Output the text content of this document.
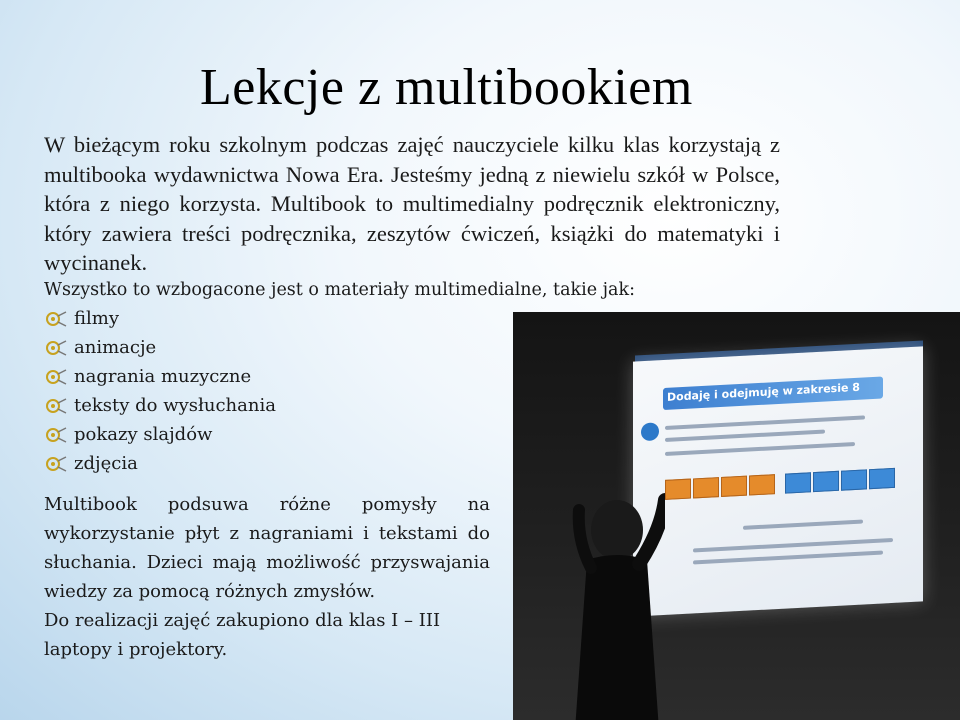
Lekcje z multibookiem
W bieżącym roku szkolnym podczas zajęć nauczyciele kilku klas korzystają z multibooka wydawnictwa Nowa Era. Jesteśmy jedną z niewielu szkół w Polsce, która z niego korzysta. Multibook to multimedialny podręcznik elektroniczny, który zawiera treści podręcznika, zeszytów ćwiczeń, książki do matematyki i wycinanek.
Wszystko to wzbogacone jest o materiały multimedialne, takie jak:
filmy
animacje
nagrania muzyczne
teksty do wysłuchania
pokazy slajdów
zdjęcia

Multibook podsuwa różne pomysły na wykorzystanie płyt z nagraniami i tekstami do słuchania. Dzieci mają możliwość przyswajania wiedzy za pomocą różnych zmysłów.

Do realizacji zajęć zakupiono dla klas I – III laptopy i projektory.

Dodaję i odejmuję w zakresie 8
